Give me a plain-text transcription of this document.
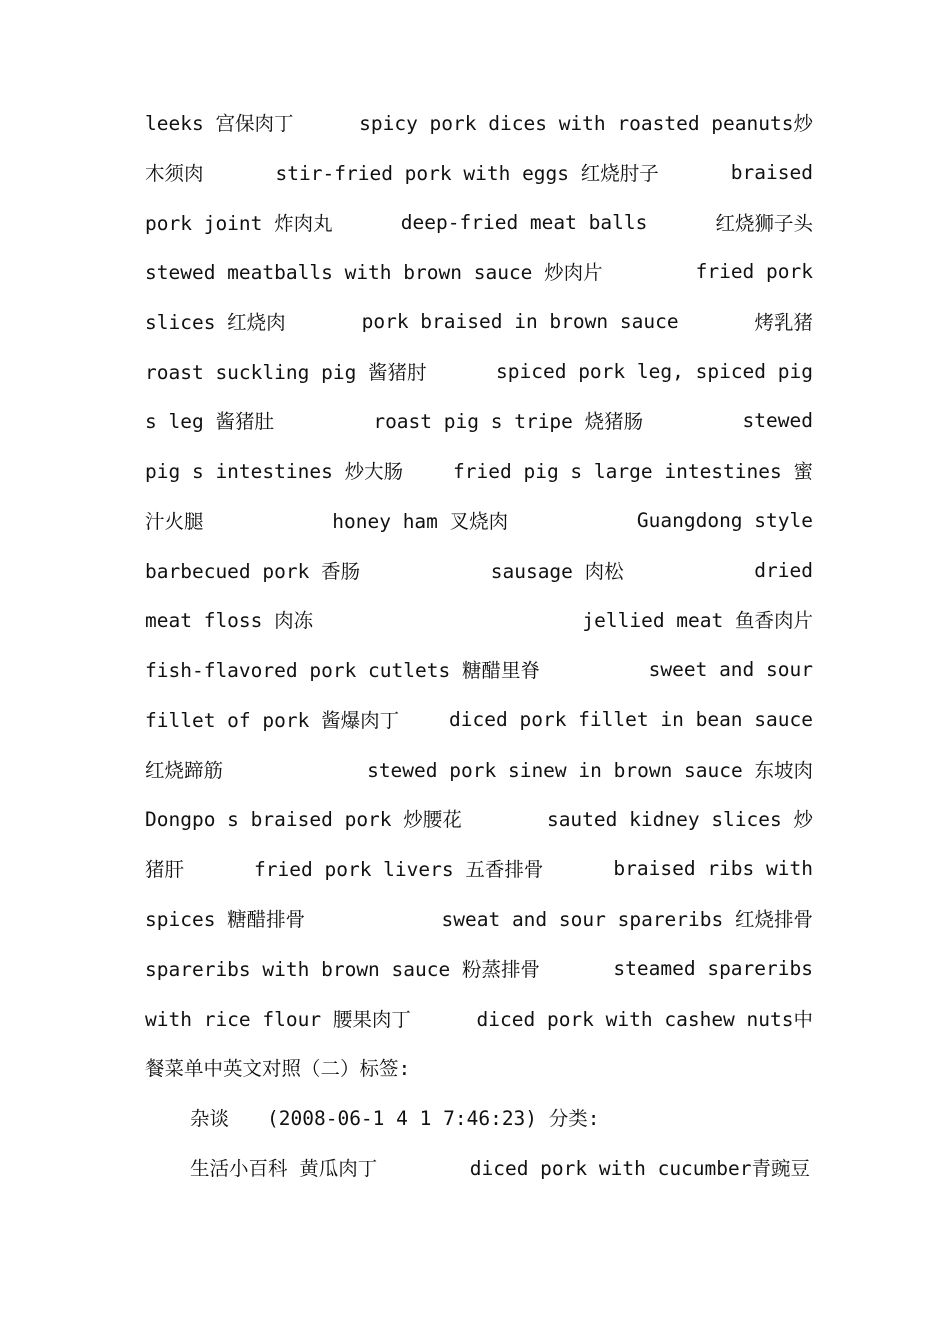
leeks 宫保肉丁	spicy pork dices with roasted peanuts炒
木须肉	stir-fried pork with eggs 红烧肘子	braised
pork joint 炸肉丸	deep-fried meat balls	红烧狮子头
stewed meatballs with brown sauce 炒肉片	fried pork
slices 红烧肉	pork braised in brown sauce	烤乳猪
roast suckling pig 酱猪肘	spiced pork leg, spiced pig
s leg 酱猪肚	roast pig s tripe 烧猪肠	stewed
pig s intestines 炒大肠	fried pig s large intestines 蜜
汁火腿	honey ham 叉烧肉	Guangdong style
barbecued pork 香肠	sausage 肉松	dried
meat floss 肉冻	jellied meat 鱼香肉片
fish-flavored pork cutlets 糖醋里脊	sweet and sour
fillet of pork 酱爆肉丁	diced pork fillet in bean sauce
红烧蹄筋	stewed pork sinew in brown sauce 东坡肉
Dongpo s braised pork 炒腰花	sauted kidney slices 炒
猪肝	fried pork livers 五香排骨	braised ribs with
spices 糖醋排骨	sweat and sour spareribs 红烧排骨
spareribs with brown sauce 粉蒸排骨	steamed spareribs
with rice flour 腰果肉丁	diced pork with cashew nuts中
餐菜单中英文对照（二）标签:
杂谈 (2008-06-1 4 1 7:46:23) 分类:
生活小百科 黄瓜肉丁	diced pork with cucumber青豌豆
